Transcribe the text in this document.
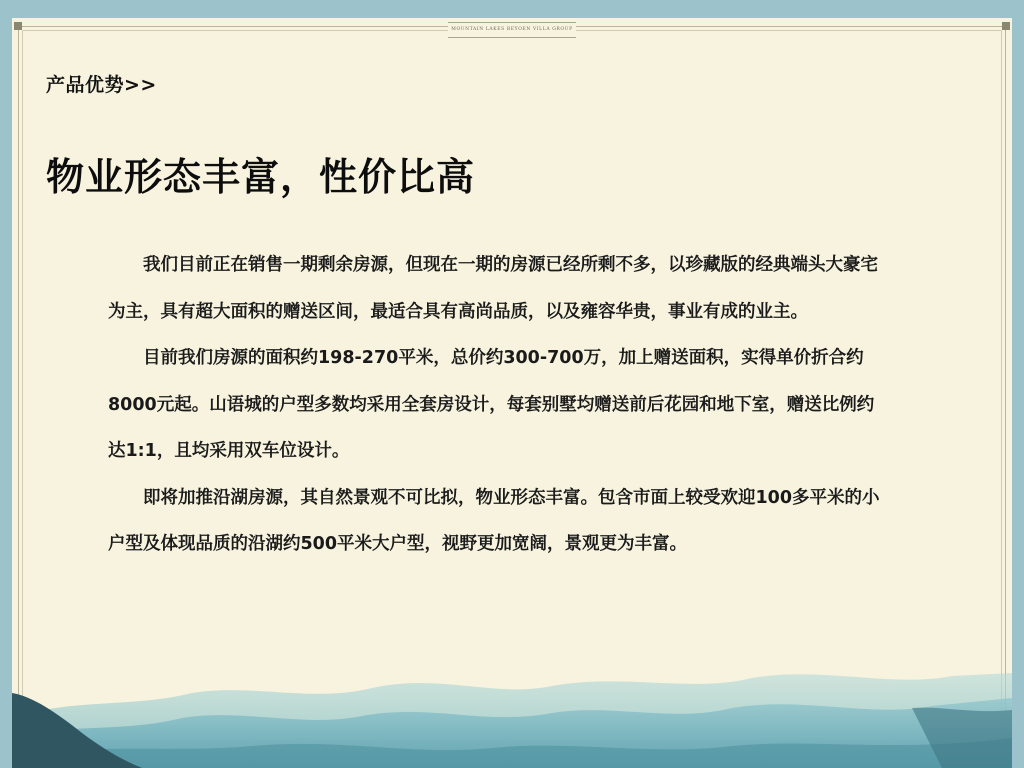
MOUNTAIN LAKES BEYOEN VILLA GROUP
产品优势>>
物业形态丰富，性价比高

我们目前正在销售一期剩余房源，但现在一期的房源已经所剩不多，以珍藏版的经典端头大豪宅为主，具有超大面积的赠送区间，最适合具有高尚品质，以及雍容华贵，事业有成的业主。

目前我们房源的面积约198-270平米，总价约300-700万，加上赠送面积，实得单价折合约8000元起。山语城的户型多数均采用全套房设计，每套别墅均赠送前后花园和地下室，赠送比例约达1:1，且均采用双车位设计。

即将加推沿湖房源，其自然景观不可比拟，物业形态丰富。包含市面上较受欢迎100多平米的小户型及体现品质的沿湖约500平米大户型，视野更加宽阔，景观更为丰富。
